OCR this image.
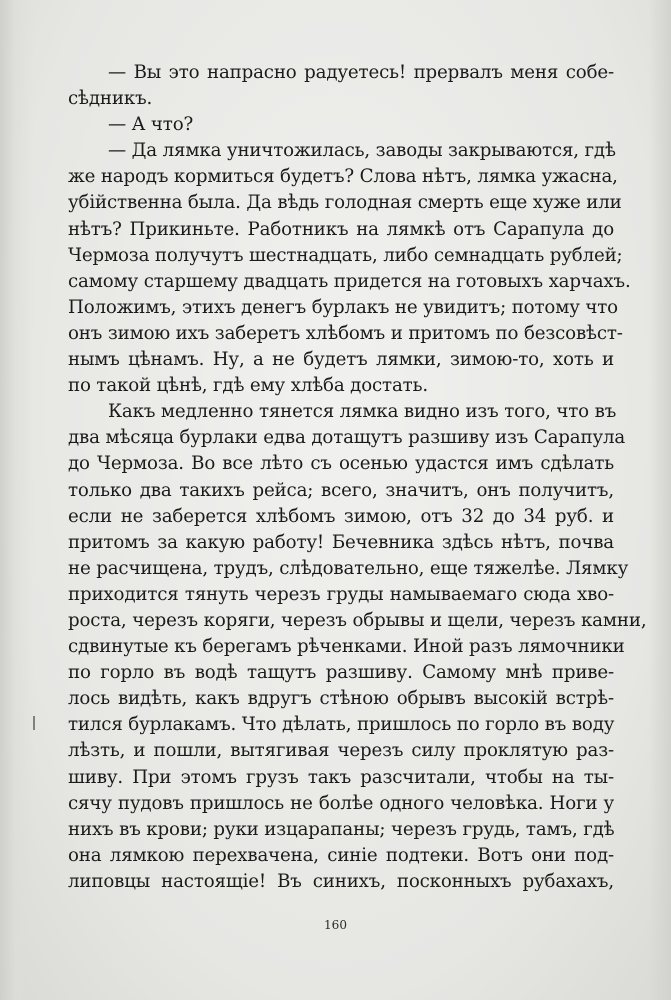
— Вы это напрасно радуетесь! прервалъ меня собе-
сѣдникъ.
— А что?
— Да лямка уничтожилась, заводы закрываются, гдѣ
же народъ кормиться будетъ? Слова нѣтъ, лямка ужасна,
убійственна была. Да вѣдь голодная смерть еще хуже или
нѣтъ? Прикиньте. Работникъ на лямкѣ отъ Сарапула до
Чермоза получутъ шестнадцать, либо семнадцать рублей;
самому старшему двадцать придется на готовыхъ харчахъ.
Положимъ, этихъ денегъ бурлакъ не увидитъ; потому что
онъ зимою ихъ заберетъ хлѣбомъ и притомъ по безсовѣст-
нымъ цѣнамъ. Ну, а не будетъ лямки, зимою-то, хоть и
по такой цѣнѣ, гдѣ ему хлѣба достать.
Какъ медленно тянется лямка видно изъ того, что въ
два мѣсяца бурлаки едва дотащутъ разшиву изъ Сарапула
до Чермоза. Во все лѣто съ осенью удастся имъ сдѣлать
только два такихъ рейса; всего, значитъ, онъ получитъ,
если не заберется хлѣбомъ зимою, отъ 32 до 34 руб. и
притомъ за какую работу! Бечевника здѣсь нѣтъ, почва
не расчищена, трудъ, слѣдовательно, еще тяжелѣе. Лямку
приходится тянуть черезъ груды намываемаго сюда хво-
роста, черезъ коряги, черезъ обрывы и щели, черезъ камни,
сдвинутые къ берегамъ рѣченками. Иной разъ лямочники
по горло въ водѣ тащутъ разшиву. Самому мнѣ приве-
лось видѣть, какъ вдругъ стѣною обрывъ высокій встрѣ-
тился бурлакамъ. Что дѣлать, пришлось по горло въ воду
лѣзть, и пошли, вытягивая черезъ силу проклятую раз-
шиву. При этомъ грузъ такъ разсчитали, чтобы на ты-
сячу пудовъ пришлось не болѣе одного человѣка. Ноги у
нихъ въ крови; руки изцарапаны; черезъ грудь, тамъ, гдѣ
она лямкою перехвачена, синіе подтеки. Вотъ они под-
липовцы настоящіе! Въ синихъ, посконныхъ рубахахъ,
160
